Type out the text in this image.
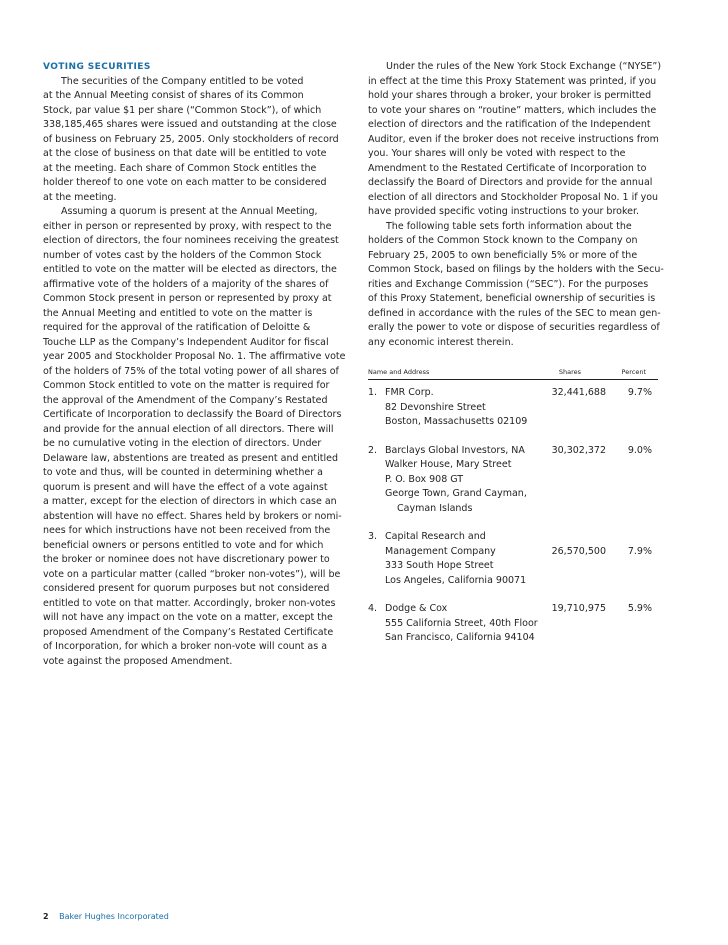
VOTING SECURITIES

The securities of the Company entitled to be voted

at the Annual Meeting consist of shares of its Common

Stock, par value $1 per share (“Common Stock”), of which

338,185,465 shares were issued and outstanding at the close

of business on February 25, 2005. Only stockholders of record

at the close of business on that date will be entitled to vote

at the meeting. Each share of Common Stock entitles the

holder thereof to one vote on each matter to be considered

at the meeting.

Assuming a quorum is present at the Annual Meeting,

either in person or represented by proxy, with respect to the

election of directors, the four nominees receiving the greatest

number of votes cast by the holders of the Common Stock

entitled to vote on the matter will be elected as directors, the

affirmative vote of the holders of a majority of the shares of

Common Stock present in person or represented by proxy at

the Annual Meeting and entitled to vote on the matter is

required for the approval of the ratification of Deloitte &

Touche LLP as the Company’s Independent Auditor for fiscal

year 2005 and Stockholder Proposal No. 1. The affirmative vote

of the holders of 75% of the total voting power of all shares of

Common Stock entitled to vote on the matter is required for

the approval of the Amendment of the Company’s Restated

Certificate of Incorporation to declassify the Board of Directors

and provide for the annual election of all directors. There will

be no cumulative voting in the election of directors. Under

Delaware law, abstentions are treated as present and entitled

to vote and thus, will be counted in determining whether a

quorum is present and will have the effect of a vote against

a matter, except for the election of directors in which case an

abstention will have no effect. Shares held by brokers or nomi-

nees for which instructions have not been received from the

beneficial owners or persons entitled to vote and for which

the broker or nominee does not have discretionary power to

vote on a particular matter (called “broker non-votes”), will be

considered present for quorum purposes but not considered

entitled to vote on that matter. Accordingly, broker non-votes

will not have any impact on the vote on a matter, except the

proposed Amendment of the Company’s Restated Certificate

of Incorporation, for which a broker non-vote will count as a

vote against the proposed Amendment.

Under the rules of the New York Stock Exchange (“NYSE”)

in effect at the time this Proxy Statement was printed, if you

hold your shares through a broker, your broker is permitted

to vote your shares on “routine” matters, which includes the

election of directors and the ratification of the Independent

Auditor, even if the broker does not receive instructions from

you. Your shares will only be voted with respect to the

Amendment to the Restated Certificate of Incorporation to

declassify the Board of Directors and provide for the annual

election of all directors and Stockholder Proposal No. 1 if you

have provided specific voting instructions to your broker.

The following table sets forth information about the

holders of the Common Stock known to the Company on

February 25, 2005 to own beneficially 5% or more of the

Common Stock, based on filings by the holders with the Secu-

rities and Exchange Commission (“SEC”). For the purposes

of this Proxy Statement, beneficial ownership of securities is

defined in accordance with the rules of the SEC to mean gen-

erally the power to vote or dispose of securities regardless of

any economic interest therein.

Name and Address	Shares	Percent
1. FMR Corp.	32,441,688 9.7%
82 Devonshire Street
Boston, Massachusetts 02109
2. Barclays Global Investors, NA	30,302,372 9.0%
Walker House, Mary Street
P. O. Box 908 GT
George Town, Grand Cayman,
Cayman Islands
3. Capital Research and
Management Company	26,570,500 7.9%
333 South Hope Street
Los Angeles, California 90071
4. Dodge & Cox	19,710,975 5.9%
555 California Street, 40th Floor
San Francisco, California 94104
2 Baker Hughes Incorporated
